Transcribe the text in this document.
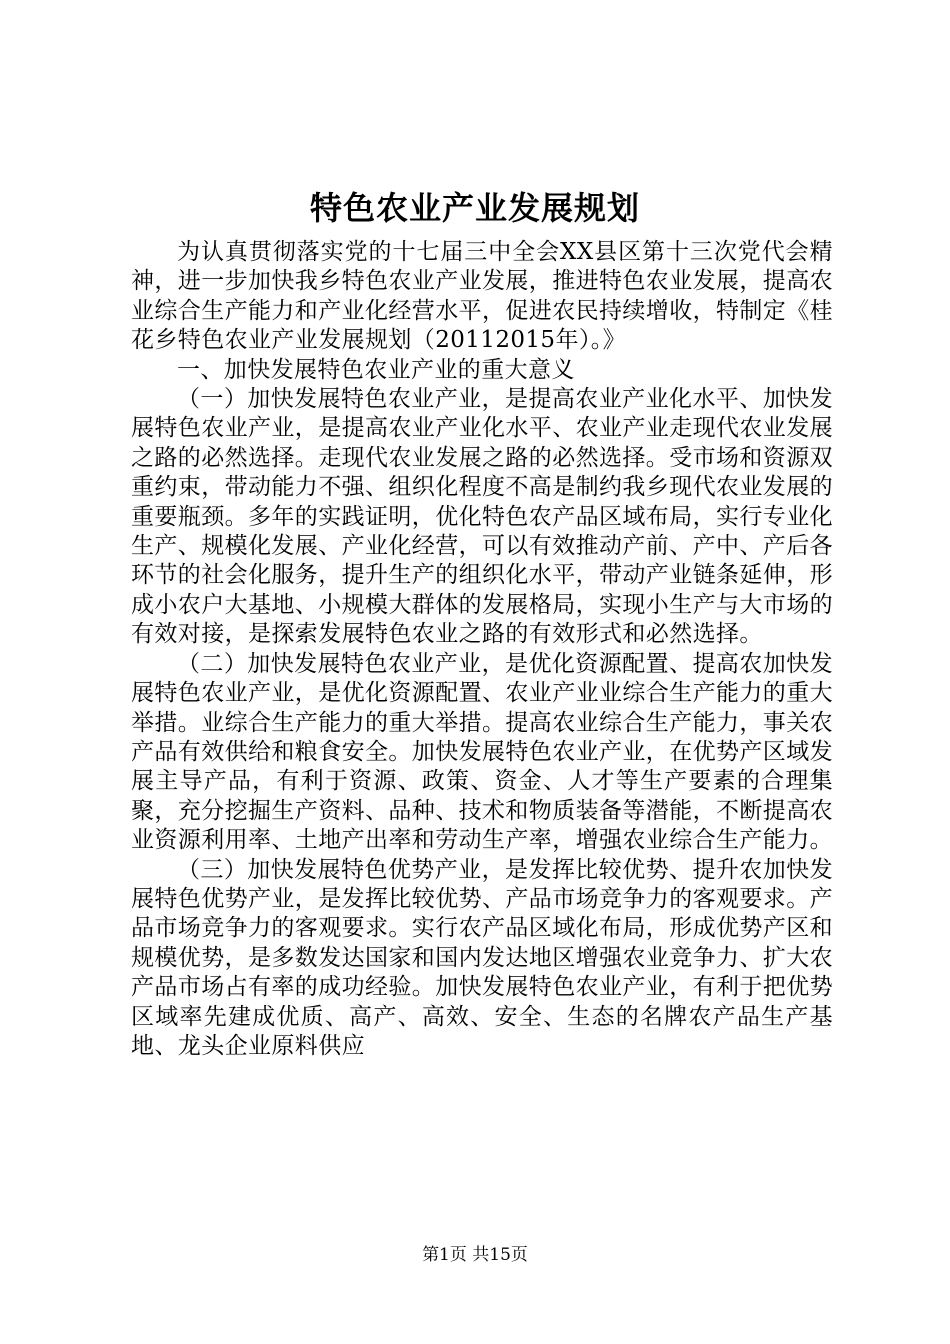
特色农业产业发展规划

为认真贯彻落实党的十七届三中全会XX县区第十三次党代会精神，进一步加快我乡特色农业产业发展，推进特色农业发展，提高农业综合生产能力和产业化经营水平，促进农民持续增收，特制定《桂花乡特色农业产业发展规划（20112015年）。》

一、加快发展特色农业产业的重大意义

（一）加快发展特色农业产业，是提高农业产业化水平、加快发展特色农业产业，是提高农业产业化水平、农业产业走现代农业发展之路的必然选择。走现代农业发展之路的必然选择。受市场和资源双重约束，带动能力不强、组织化程度不高是制约我乡现代农业发展的重要瓶颈。多年的实践证明，优化特色农产品区域布局，实行专业化生产、规模化发展、产业化经营，可以有效推动产前、产中、产后各环节的社会化服务，提升生产的组织化水平，带动产业链条延伸，形成小农户大基地、小规模大群体的发展格局，实现小生产与大市场的有效对接，是探索发展特色农业之路的有效形式和必然选择。

（二）加快发展特色农业产业，是优化资源配置、提高农加快发展特色农业产业，是优化资源配置、农业产业业综合生产能力的重大举措。业综合生产能力的重大举措。提高农业综合生产能力，事关农产品有效供给和粮食安全。加快发展特色农业产业，在优势产区域发展主导产品，有利于资源、政策、资金、人才等生产要素的合理集聚，充分挖掘生产资料、品种、技术和物质装备等潜能，不断提高农业资源利用率、土地产出率和劳动生产率，增强农业综合生产能力。

（三）加快发展特色优势产业，是发挥比较优势、提升农加快发展特色优势产业，是发挥比较优势、产品市场竞争力的客观要求。产品市场竞争力的客观要求。实行农产品区域化布局，形成优势产区和规模优势，是多数发达国家和国内发达地区增强农业竞争力、扩大农产品市场占有率的成功经验。加快发展特色农业产业，有利于把优势区域率先建成优质、高产、高效、安全、生态的名牌农产品生产基地、龙头企业原料供应

第1页 共15页
